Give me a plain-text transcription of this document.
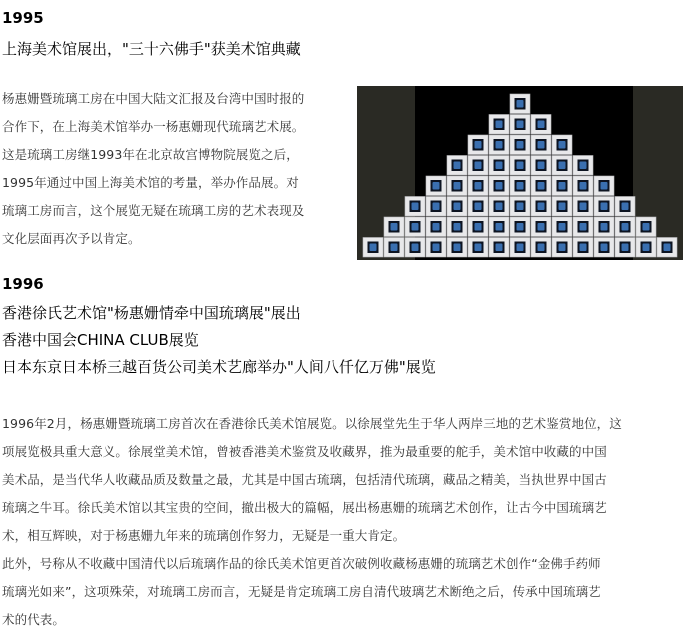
1995
上海美术馆展出，"三十六佛手"获美术馆典藏
杨惠姗暨琉璃工房在中国大陆文汇报及台湾中国时报的
合作下，在上海美术馆举办一杨惠姗现代琉璃艺术展。
这是琉璃工房继1993年在北京故宫博物院展览之后，
1995年通过中国上海美术馆的考量，举办作品展。对
琉璃工房而言，这个展览无疑在琉璃工房的艺术表现及
文化层面再次予以肯定。
1996
香港徐氏艺术馆"杨惠姗情牵中国琉璃展"展出
香港中国会CHINA CLUB展览
日本东京日本桥三越百货公司美术艺廊举办"人间八仟亿万佛"展览
1996年2月，杨惠姗暨琉璃工房首次在香港徐氏美术馆展览。以徐展堂先生于华人两岸三地的艺术鉴赏地位，这
项展览极具重大意义。徐展堂美术馆，曾被香港美术鉴赏及收藏界，推为最重要的舵手，美术馆中收藏的中国
美术品，是当代华人收藏品质及数量之最，尤其是中国古琉璃，包括清代琉璃，藏品之精美，当执世界中国古
琉璃之牛耳。徐氏美术馆以其宝贵的空间，撤出极大的篇幅，展出杨惠姗的琉璃艺术创作，让古今中国琉璃艺
术，相互辉映，对于杨惠姗九年来的琉璃创作努力，无疑是一重大肯定。
此外，号称从不收藏中国清代以后琉璃作品的徐氏美术馆更首次破例收藏杨惠姗的琉璃艺术创作“金佛手药师
琉璃光如来”，这项殊荣，对琉璃工房而言，无疑是肯定琉璃工房自清代玻璃艺术断绝之后，传承中国琉璃艺
术的代表。
